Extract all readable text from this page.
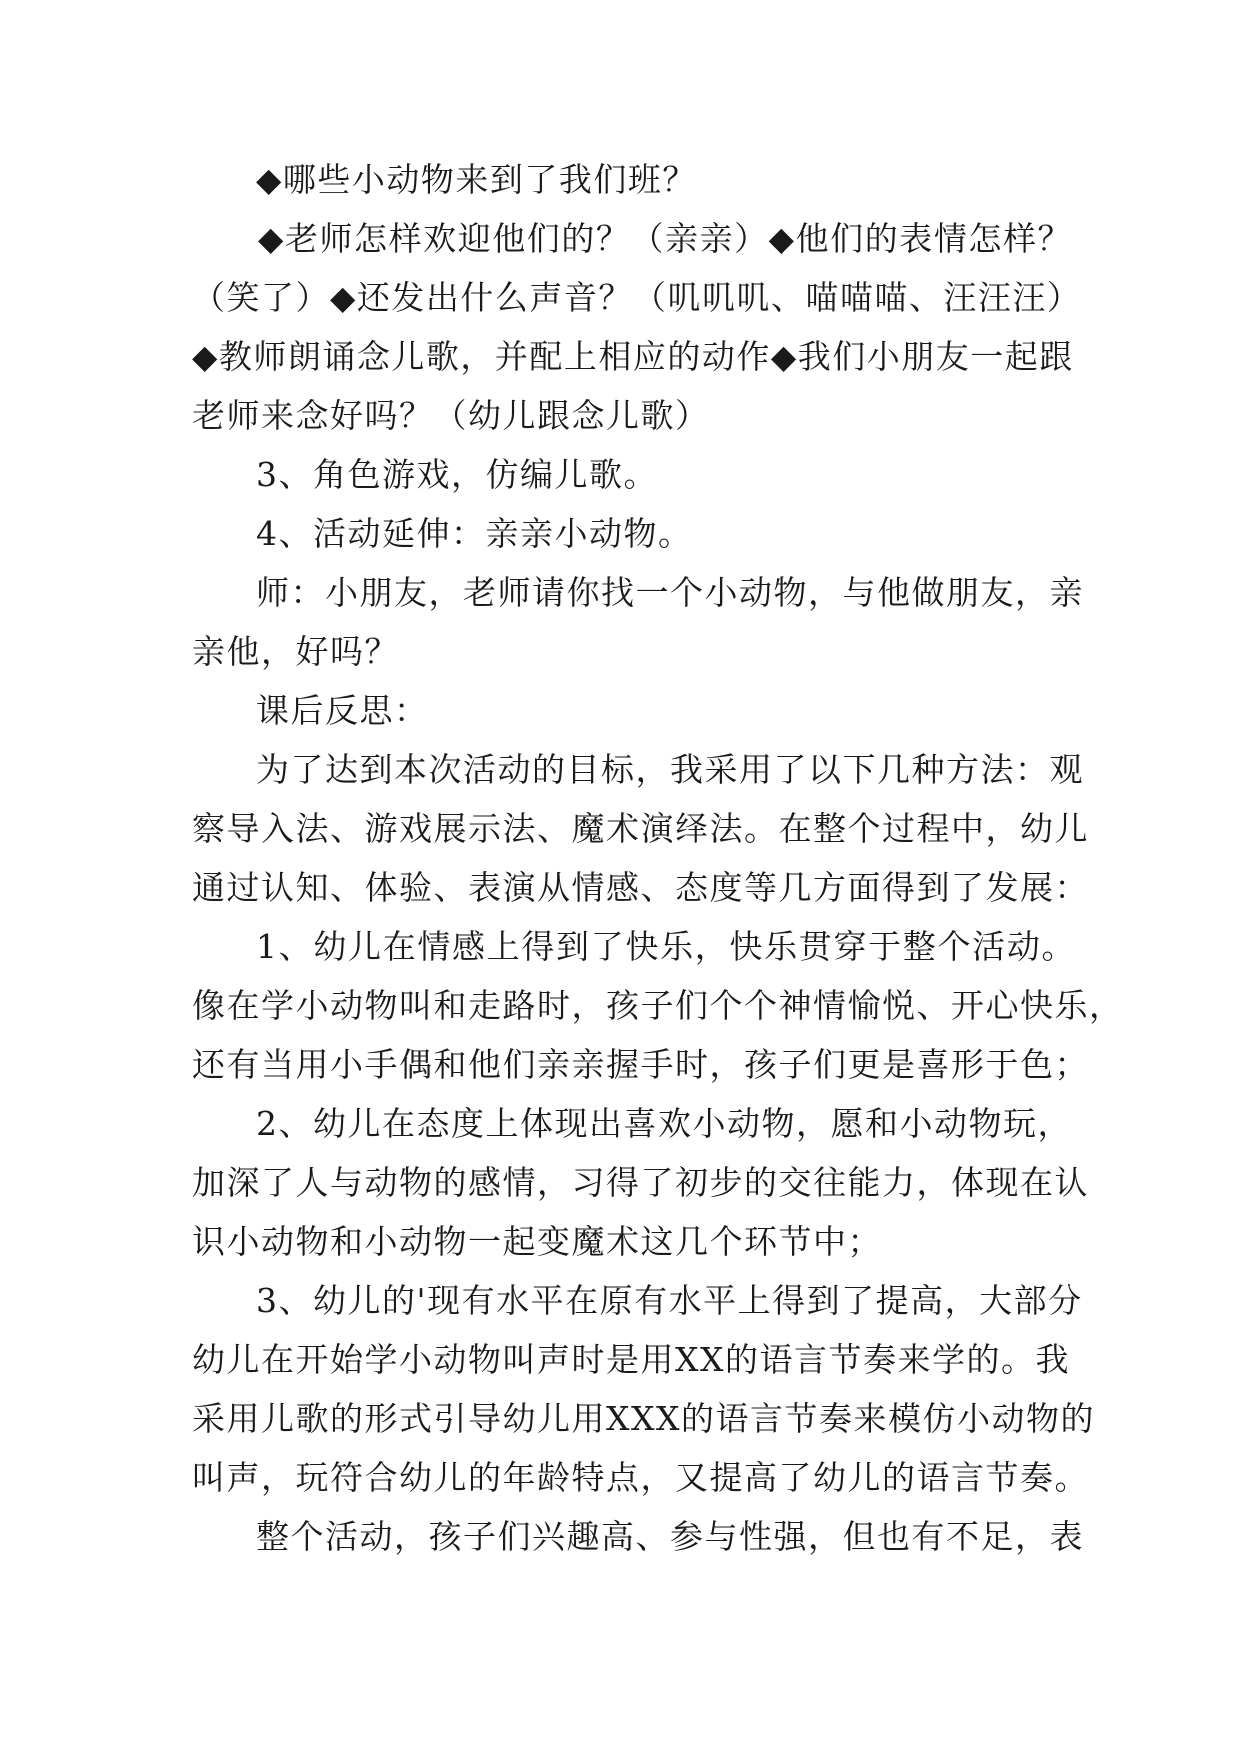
◆哪些小动物来到了我们班？
◆老师怎样欢迎他们的？（亲亲）◆他们的表情怎样？
（笑了）◆还发出什么声音？（叽叽叽、喵喵喵、汪汪汪）
◆教师朗诵念儿歌，并配上相应的动作◆我们小朋友一起跟
老师来念好吗？（幼儿跟念儿歌）
3、角色游戏，仿编儿歌。
4、活动延伸：亲亲小动物。
师：小朋友，老师请你找一个小动物，与他做朋友，亲
亲他，好吗？
课后反思：
为了达到本次活动的目标，我采用了以下几种方法：观
察导入法、游戏展示法、魔术演绎法。在整个过程中，幼儿
通过认知、体验、表演从情感、态度等几方面得到了发展：
1、幼儿在情感上得到了快乐，快乐贯穿于整个活动。
像在学小动物叫和走路时，孩子们个个神情愉悦、开心快乐，
还有当用小手偶和他们亲亲握手时，孩子们更是喜形于色；
2、幼儿在态度上体现出喜欢小动物，愿和小动物玩，
加深了人与动物的感情，习得了初步的交往能力，体现在认
识小动物和小动物一起变魔术这几个环节中；
3、幼儿的'现有水平在原有水平上得到了提高，大部分
幼儿在开始学小动物叫声时是用XX的语言节奏来学的。我
采用儿歌的形式引导幼儿用XXX的语言节奏来模仿小动物的
叫声，玩符合幼儿的年龄特点，又提高了幼儿的语言节奏。
整个活动，孩子们兴趣高、参与性强，但也有不足，表
